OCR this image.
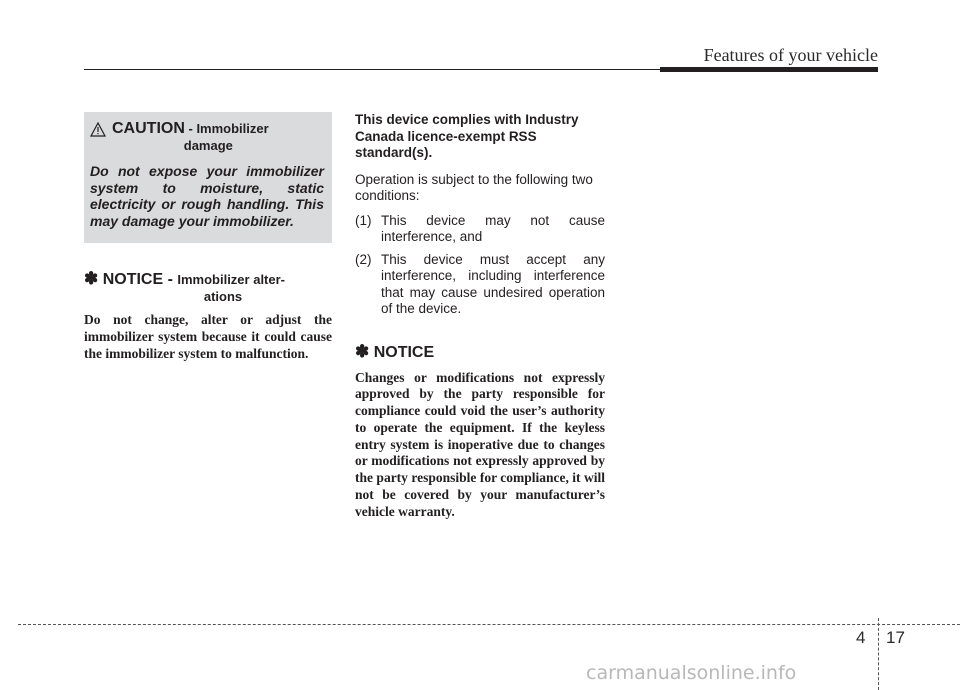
Features of your vehicle
CAUTION - Immobilizer
damage

Do not expose your immobilizer system to moisture, static electricity or rough handling. This may damage your immobilizer.

✽ NOTICE - Immobilizer alter-
ations

Do not change, alter or adjust the immobilizer system because it could cause the immobilizer system to malfunction.

This device complies with Industry Canada licence-exempt RSS standard(s).

Operation is subject to the following two conditions:

(1) This device may not cause interference, and
(2) This device must accept any interference, including interference that may cause undesired operation of the device.
✽ NOTICE

Changes or modifications not expressly approved by the party responsible for compliance could void the user’s authority to operate the equipment. If the keyless entry system is inoperative due to changes or modifications not expressly approved by the party responsible for compliance, it will not be covered by your manufacturer’s vehicle warranty.

4 17
carmanualsonline.info
